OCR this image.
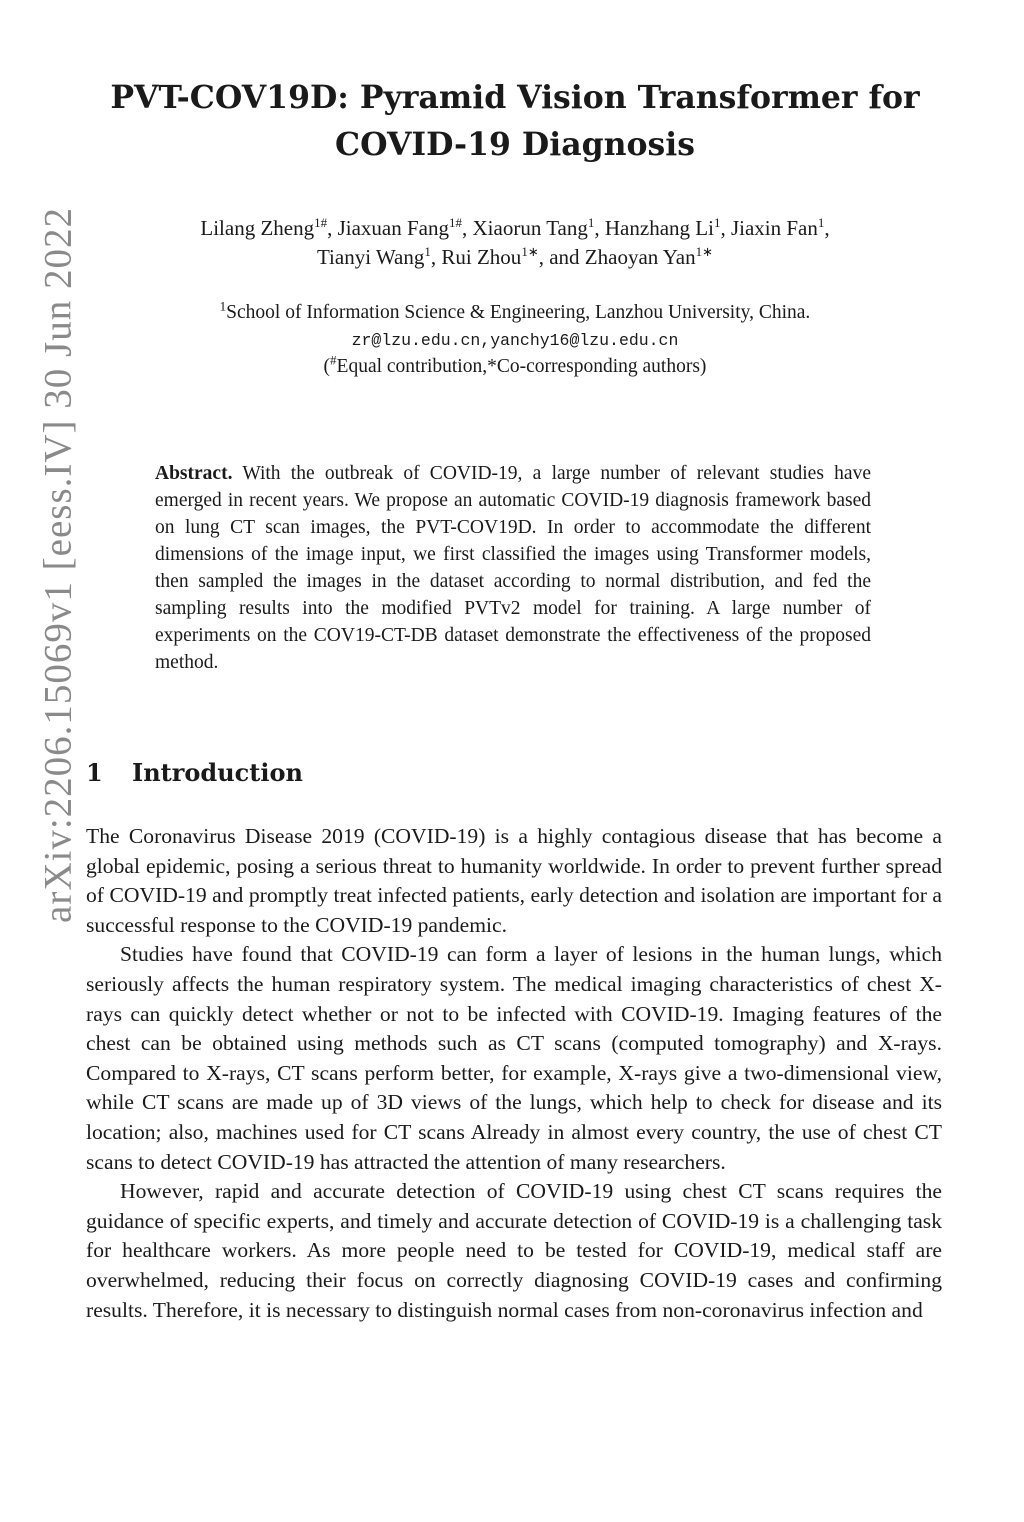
arXiv:2206.15069v1 [eess.IV] 30 Jun 2022
PVT-COV19D: Pyramid Vision Transformer for COVID-19 Diagnosis
Lilang Zheng$^{1\#}$, Jiaxuan Fang$^{1\#}$, Xiaorun Tang$^1$, Hanzhang Li$^1$, Jiaxin Fan$^1$,
Tianyi Wang$^1$, Rui Zhou$^{1∗}$, and Zhaoyan Yan$^{1∗}$
$^1$School of Information Science & Engineering, Lanzhou University, China.
zr@lzu.edu.cn,yanchy16@lzu.edu.cn
(#Equal contribution,*Co-corresponding authors)
Abstract. With the outbreak of COVID-19, a large number of relevant studies have emerged in recent years. We propose an automatic COVID-19 diagnosis framework based on lung CT scan images, the PVT-COV19D. In order to accommodate the different dimensions of the image input, we first classified the images using Transformer models, then sampled the images in the dataset according to normal distribution, and fed the sampling results into the modified PVTv2 model for training. A large number of experiments on the COV19-CT-DB dataset demonstrate the effectiveness of the proposed method.
1 Introduction

The Coronavirus Disease 2019 (COVID-19) is a highly contagious disease that has become a global epidemic, posing a serious threat to humanity worldwide. In order to prevent further spread of COVID-19 and promptly treat infected patients, early detection and isolation are important for a successful response to the COVID-19 pandemic.

Studies have found that COVID-19 can form a layer of lesions in the human lungs, which seriously affects the human respiratory system. The medical imaging characteristics of chest X-rays can quickly detect whether or not to be infected with COVID-19. Imaging features of the chest can be obtained using methods such as CT scans (computed tomography) and X-rays. Compared to X-rays, CT scans perform better, for example, X-rays give a two-dimensional view, while CT scans are made up of 3D views of the lungs, which help to check for disease and its location; also, machines used for CT scans Already in almost every country, the use of chest CT scans to detect COVID-19 has attracted the attention of many researchers.

However, rapid and accurate detection of COVID-19 using chest CT scans requires the guidance of specific experts, and timely and accurate detection of COVID-19 is a challenging task for healthcare workers. As more people need to be tested for COVID-19, medical staff are overwhelmed, reducing their focus on correctly diagnosing COVID-19 cases and confirming results. Therefore, it is necessary to distinguish normal cases from non-coronavirus infection and
